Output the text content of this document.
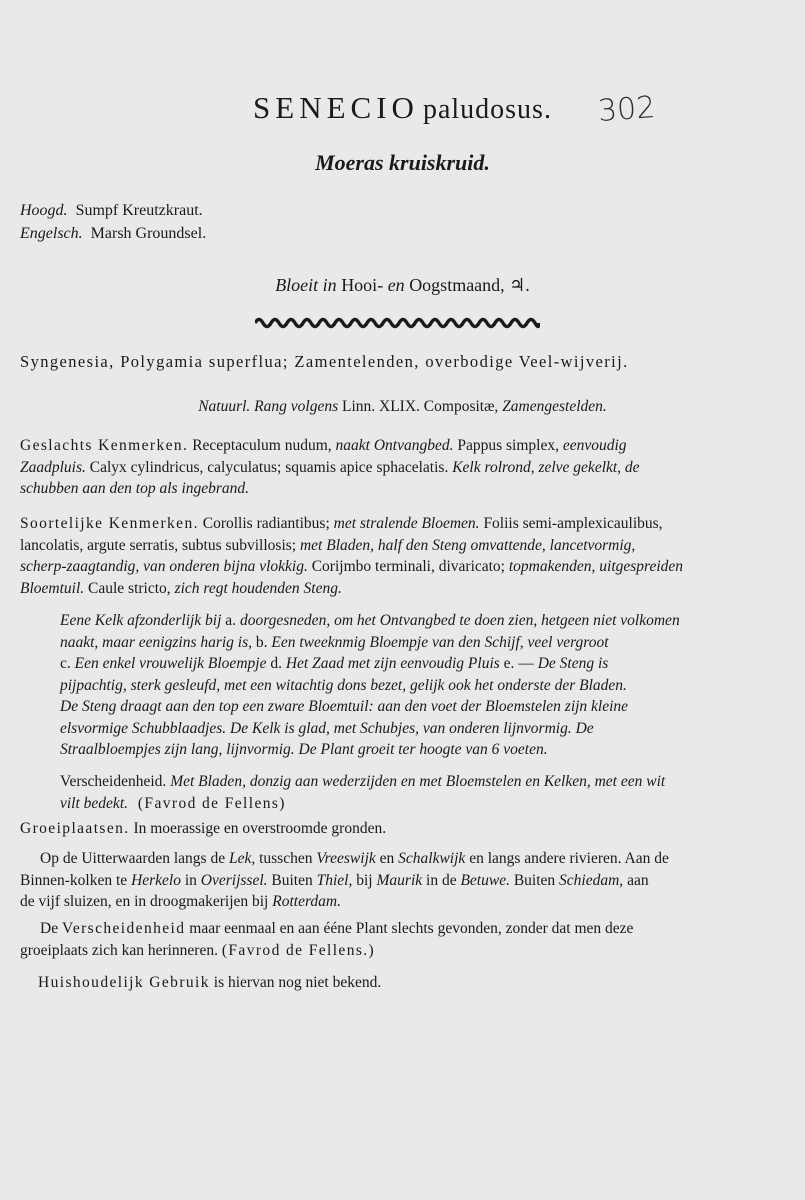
SENECIO paludosus.	302
Moeras kruiskruid.
Hoogd. Sumpf Kreutzkraut.
Engelsch. Marsh Groundsel.
Bloeit in Hooi- en Oogstmaand, ♃.
Syngenesia, Polygamia superflua; Zamentelenden, overbodige Veel-wijverij.
Natuurl. Rang volgens Linn. XLIX. Compositæ, Zamengestelden.
Geslachts Kenmerken. Receptaculum nudum, naakt Ontvangbed. Pappus simplex, eenvoudig
Zaadpluis. Calyx cylindricus, calyculatus; squamis apice sphacelatis. Kelk rolrond, zelve gekelkt, de
schubben aan den top als ingebrand.
Soortelijke Kenmerken. Corollis radiantibus; met stralende Bloemen. Foliis semi-amplexicaulibus,
lancolatis, argute serratis, subtus subvillosis; met Bladen, half den Steng omvattende, lancetvormig,
scherp-zaagtandig, van onderen bijna vlokkig. Corijmbo terminali, divaricato; topmakenden, uitgespreiden
Bloemtuil. Caule stricto, zich regt houdenden Steng.
Eene Kelk afzonderlijk bij a. doorgesneden, om het Ontvangbed te doen zien, hetgeen niet volkomen
naakt, maar eenigzins harig is, b. Een tweeknmig Bloempje van den Schijf, veel vergroot
c. Een enkel vrouwelijk Bloempje d. Het Zaad met zijn eenvoudig Pluis e. — De Steng is
pijpachtig, sterk gesleufd, met een witachtig dons bezet, gelijk ook het onderste der Bladen.
De Steng draagt aan den top een zware Bloemtuil: aan den voet der Bloemstelen zijn kleine
elsvormige Schubblaadjes. De Kelk is glad, met Schubjes, van onderen lijnvormig. De
Straalbloempjes zijn lang, lijnvormig. De Plant groeit ter hoogte van 6 voeten.
Verscheidenheid. Met Bladen, donzig aan wederzijden en met Bloemstelen en Kelken, met een wit
vilt bedekt. (Favrod de Fellens)
Groeiplaatsen. In moerassige en overstroomde gronden.
Op de Uitterwaarden langs de Lek, tusschen Vreeswijk en Schalkwijk en langs andere rivieren. Aan de
Binnen-kolken te Herkelo in Overijssel. Buiten Thiel, bij Maurik in de Betuwe. Buiten Schiedam, aan
de vijf sluizen, en in droogmakerijen bij Rotterdam.
De Verscheidenheid maar eenmaal en aan ééne Plant slechts gevonden, zonder dat men deze
groeiplaats zich kan herinneren. (Favrod de Fellens.)
Huishoudelijk Gebruik is hiervan nog niet bekend.
